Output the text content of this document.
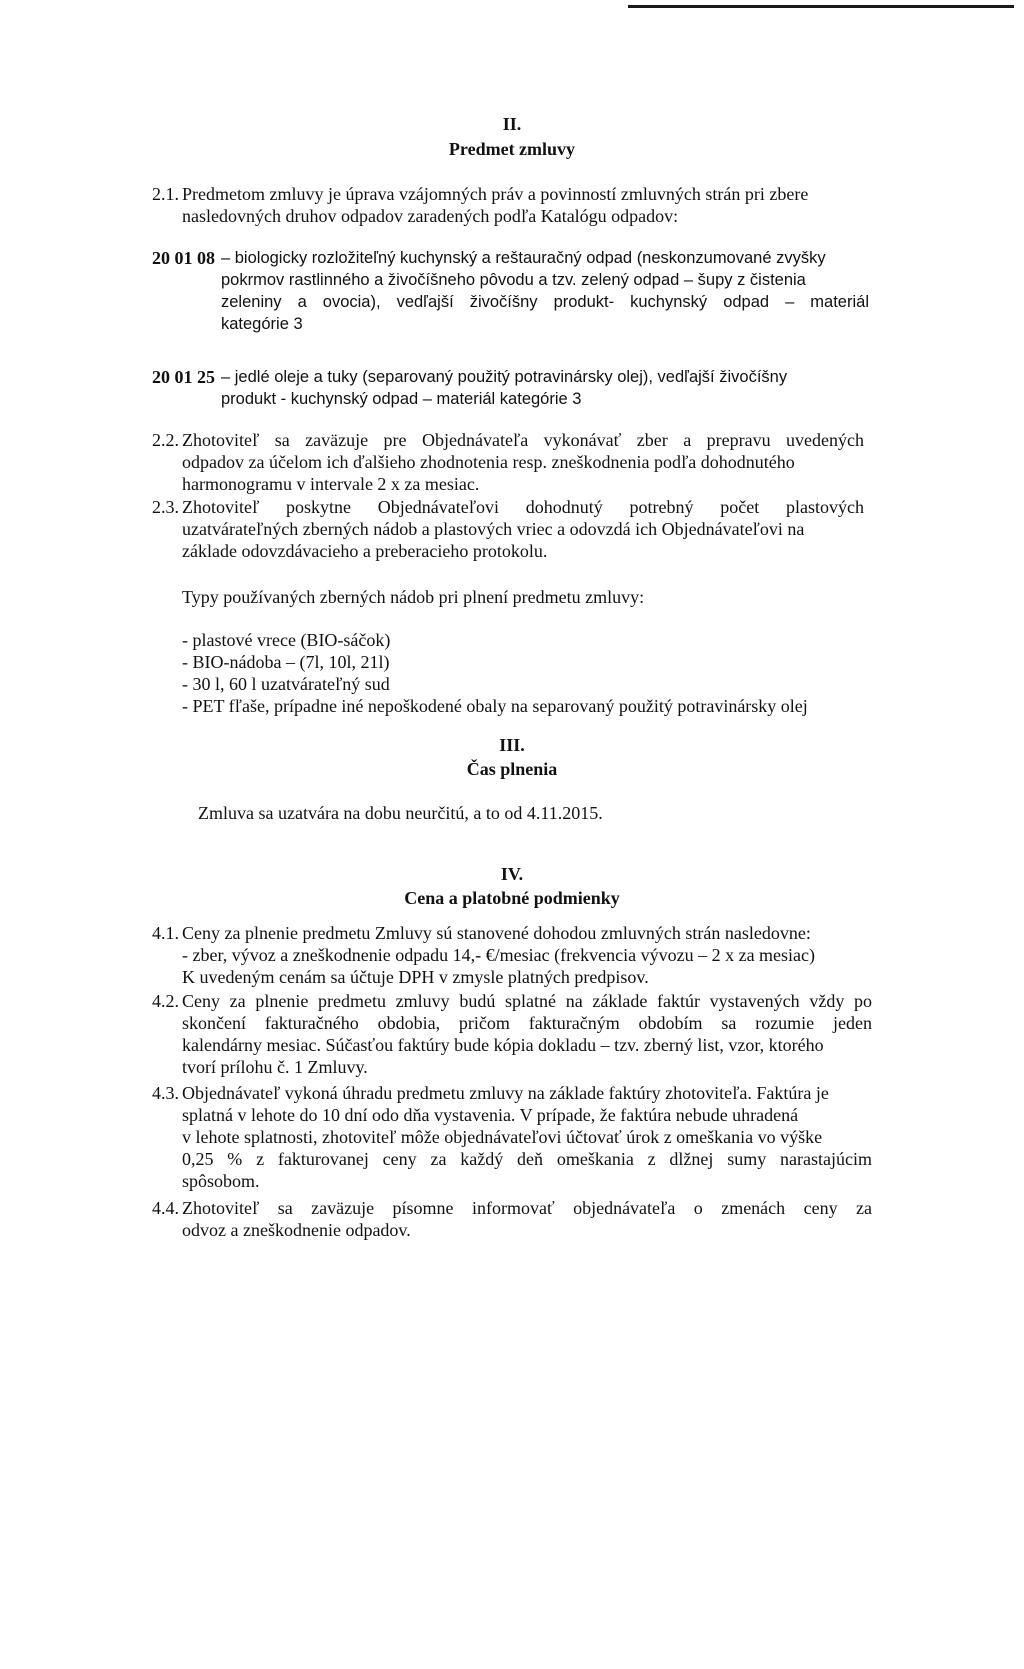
II.
Predmet zmluvy
2.1. Predmetom zmluvy je úprava vzájomných práv a povinností zmluvných strán pri zbere
nasledovných druhov odpadov zaradených podľa Katalógu odpadov:
20 01 08 – biologicky rozložiteľný kuchynský a reštauračný odpad (neskonzumované zvyšky
pokrmov rastlinného a živočíšneho pôvodu a tzv. zelený odpad – šupy z čistenia
zeleniny a ovocia), vedľajší živočíšny produkt- kuchynský odpad – materiál
kategórie 3
20 01 25 – jedlé oleje a tuky (separovaný použitý potravinársky olej), vedľajší živočíšny
produkt - kuchynský odpad – materiál kategórie 3
2.2. Zhotoviteľ sa zaväzuje pre Objednávateľa vykonávať zber a prepravu uvedených
odpadov za účelom ich ďalšieho zhodnotenia resp. zneškodnenia podľa dohodnutého
harmonogramu v intervale 2 x za mesiac.
2.3. Zhotoviteľ poskytne Objednávateľovi dohodnutý potrebný počet plastových
uzatvárateľných zberných nádob a plastových vriec a odovzdá ich Objednávateľovi na
základe odovzdávacieho a preberacieho protokolu.
Typy používaných zberných nádob pri plnení predmetu zmluvy:
- plastové vrece (BIO-sáčok)
- BIO-nádoba – (7l, 10l, 21l)
- 30 l, 60 l uzatvárateľný sud
- PET fľaše, prípadne iné nepoškodené obaly na separovaný použitý potravinársky olej
III.
Čas plnenia
Zmluva sa uzatvára na dobu neurčitú, a to od 4.11.2015.
IV.
Cena a platobné podmienky
4.1. Ceny za plnenie predmetu Zmluvy sú stanovené dohodou zmluvných strán nasledovne:
- zber, vývoz a zneškodnenie odpadu 14,- €/mesiac (frekvencia vývozu – 2 x za mesiac)
K uvedeným cenám sa účtuje DPH v zmysle platných predpisov.
4.2. Ceny za plnenie predmetu zmluvy budú splatné na základe faktúr vystavených vždy po
skončení fakturačného obdobia, pričom fakturačným obdobím sa rozumie jeden
kalendárny mesiac. Súčasťou faktúry bude kópia dokladu – tzv. zberný list, vzor, ktorého
tvorí prílohu č. 1 Zmluvy.
4.3. Objednávateľ vykoná úhradu predmetu zmluvy na základe faktúry zhotoviteľa. Faktúra je
splatná v lehote do 10 dní odo dňa vystavenia. V prípade, že faktúra nebude uhradená
v lehote splatnosti, zhotoviteľ môže objednávateľovi účtovať úrok z omeškania vo výške
0,25 % z fakturovanej ceny za každý deň omeškania z dlžnej sumy narastajúcim
spôsobom.
4.4. Zhotoviteľ sa zaväzuje písomne informovať objednávateľa o zmenách ceny za
odvoz a zneškodnenie odpadov.
